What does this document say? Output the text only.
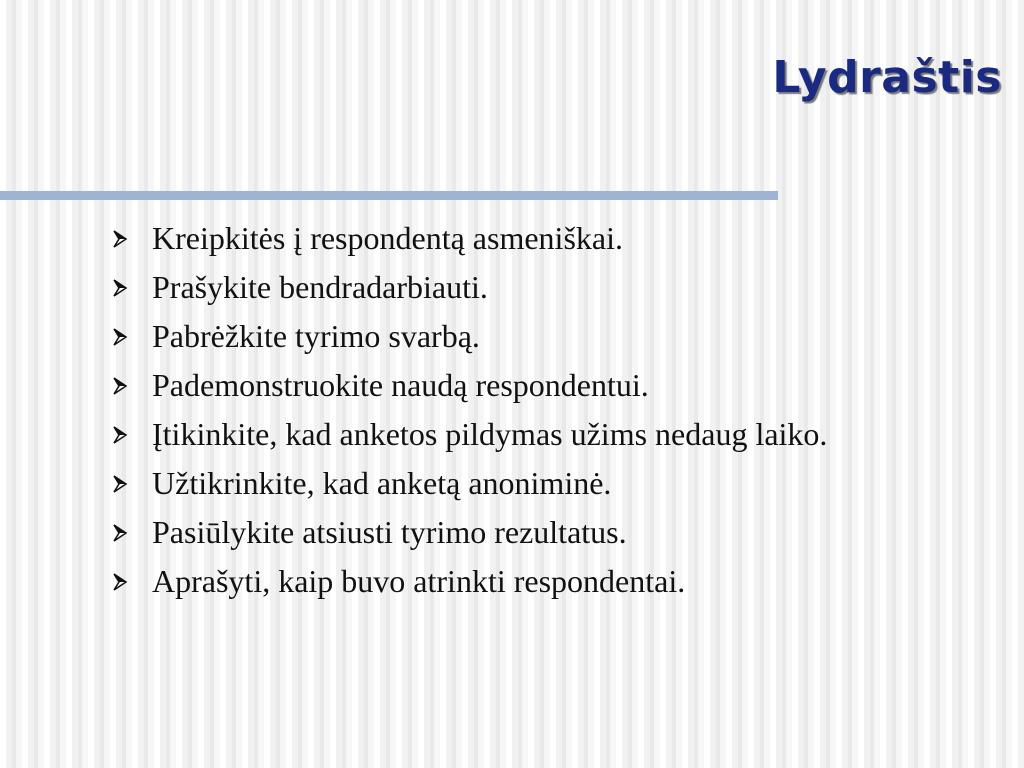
Lydraštis
Kreipkitės į respondentą asmeniškai.
Prašykite bendradarbiauti.
Pabrėžkite tyrimo svarbą.
Pademonstruokite naudą respondentui.
Įtikinkite, kad anketos pildymas užims nedaug laiko.
Užtikrinkite, kad anketą anoniminė.
Pasiūlykite atsiusti tyrimo rezultatus.
Aprašyti, kaip buvo atrinkti respondentai.
